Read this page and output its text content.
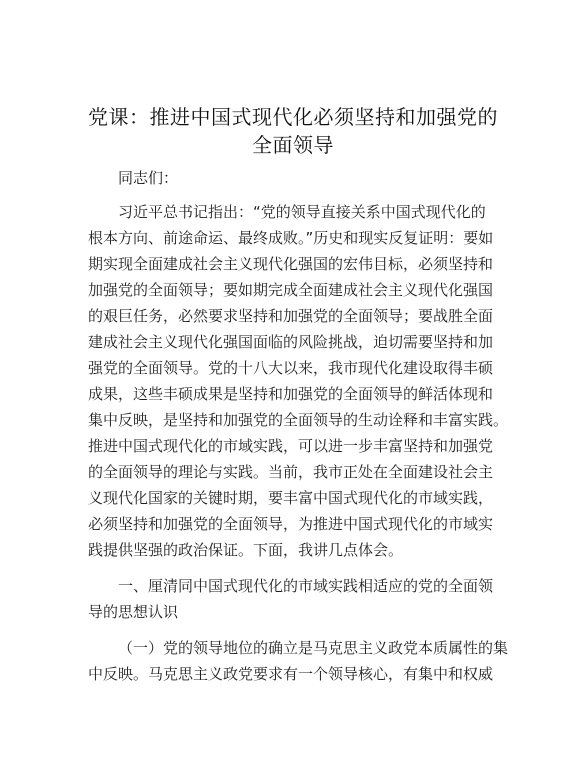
党课：推进中国式现代化必须坚持和加强党的
全面领导
同志们：
习近平总书记指出：“党的领导直接关系中国式现代化的
根本方向、前途命运、最终成败。”历史和现实反复证明：要如
期实现全面建成社会主义现代化强国的宏伟目标，必须坚持和
加强党的全面领导；要如期完成全面建成社会主义现代化强国
的艰巨任务，必然要求坚持和加强党的全面领导；要战胜全面
建成社会主义现代化强国面临的风险挑战，迫切需要坚持和加
强党的全面领导。党的十八大以来，我市现代化建设取得丰硕
成果，这些丰硕成果是坚持和加强党的全面领导的鲜活体现和
集中反映，是坚持和加强党的全面领导的生动诠释和丰富实践。
推进中国式现代化的市域实践，可以进一步丰富坚持和加强党
的全面领导的理论与实践。当前，我市正处在全面建设社会主
义现代化国家的关键时期，要丰富中国式现代化的市域实践，
必须坚持和加强党的全面领导，为推进中国式现代化的市域实
践提供坚强的政治保证。下面，我讲几点体会。
一、厘清同中国式现代化的市域实践相适应的党的全面领
导的思想认识
（一）党的领导地位的确立是马克思主义政党本质属性的集
中反映。马克思主义政党要求有一个领导核心，有集中和权威
